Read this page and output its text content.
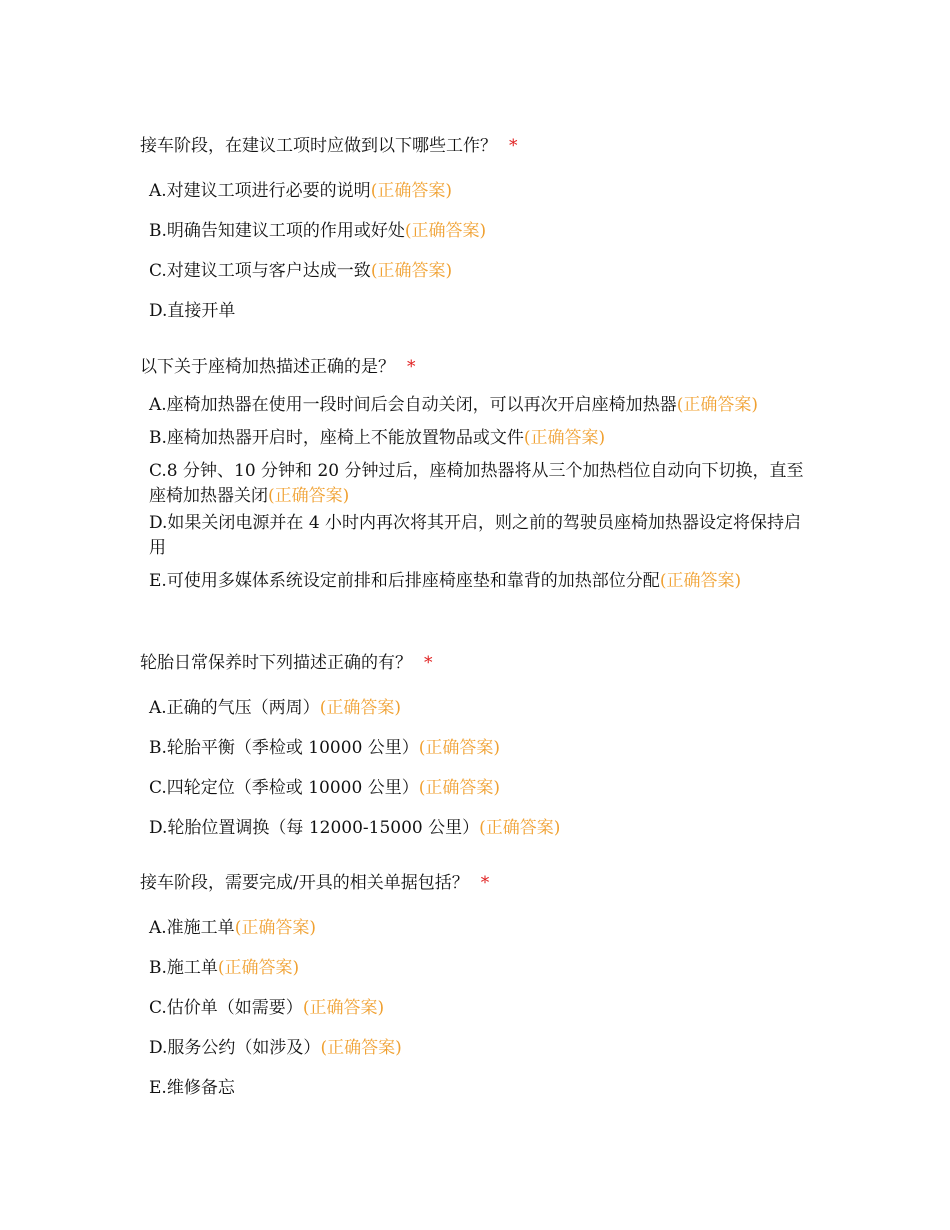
接车阶段，在建议工项时应做到以下哪些工作？ *
A.对建议工项进行必要的说明(正确答案)
B.明确告知建议工项的作用或好处(正确答案)
C.对建议工项与客户达成一致(正确答案)
D.直接开单
以下关于座椅加热描述正确的是？ *
A.座椅加热器在使用一段时间后会自动关闭，可以再次开启座椅加热器(正确答案)
B.座椅加热器开启时，座椅上不能放置物品或文件(正确答案)
C.8 分钟、10 分钟和 20 分钟过后，座椅加热器将从三个加热档位自动向下切换，直至座椅加热器关闭(正确答案)
D.如果关闭电源并在 4 小时内再次将其开启，则之前的驾驶员座椅加热器设定将保持启用
E.可使用多媒体系统设定前排和后排座椅座垫和靠背的加热部位分配(正确答案)
轮胎日常保养时下列描述正确的有？ *
A.正确的气压（两周）(正确答案)
B.轮胎平衡（季检或 10000 公里）(正确答案)
C.四轮定位（季检或 10000 公里）(正确答案)
D.轮胎位置调换（每 12000-15000 公里）(正确答案)
接车阶段，需要完成/开具的相关单据包括？ *
A.准施工单(正确答案)
B.施工单(正确答案)
C.估价单（如需要）(正确答案)
D.服务公约（如涉及）(正确答案)
E.维修备忘
